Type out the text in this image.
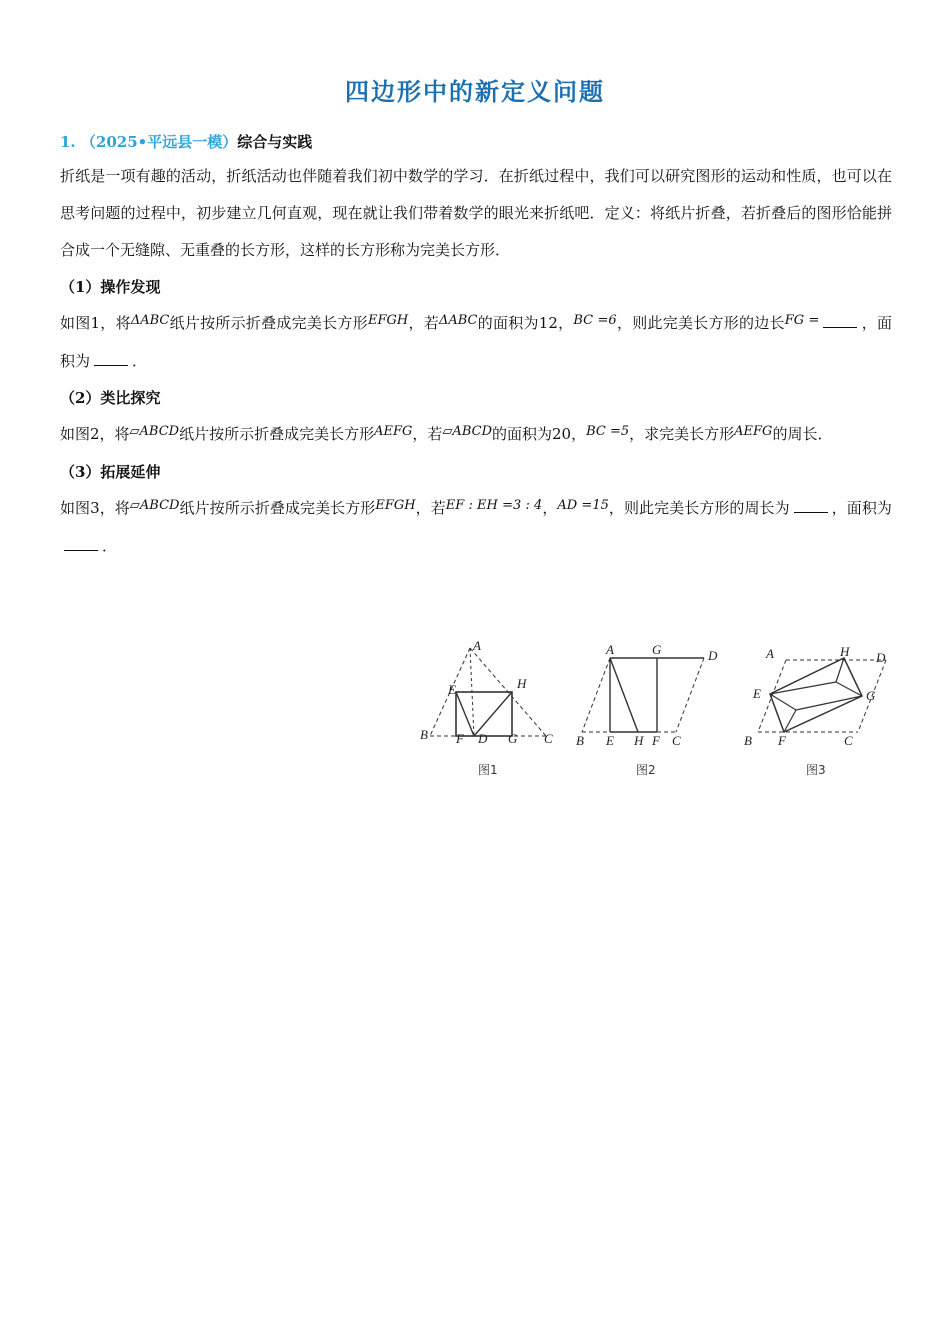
四边形中的新定义问题
1. （2025•平远县一模）综合与实践

折纸是一项有趣的活动，折纸活动也伴随着我们初中数学的学习．在折纸过程中，我们可以研究图形的运动和性质，也可以在思考问题的过程中，初步建立几何直观，现在就让我们带着数学的眼光来折纸吧．定义：将纸片折叠，若折叠后的图形恰能拼合成一个无缝隙、无重叠的长方形，这样的长方形称为完美长方形．

（1）操作发现

如图1，将ΔABC纸片按所示折叠成完美长方形EFGH，若ΔABC的面积为12，BC =6，则此完美长方形的边长FG =	，面积为	．

（2）类比探究

如图2，将▱ABCD纸片按所示折叠成完美长方形AEFG，若▱ABCD的面积为20，BC =5，求完美长方形AEFG的周长．

（3）拓展延伸

如图3，将▱ABCD纸片按所示折叠成完美长方形EFGH，若EF : EH =3 : 4，AD =15，则此完美长方形的周长为	，面积为．

A
E	H
B F D G C
图1
A	G	D
B E H F C
图2
A	H D
E	G
B F	C
图3
